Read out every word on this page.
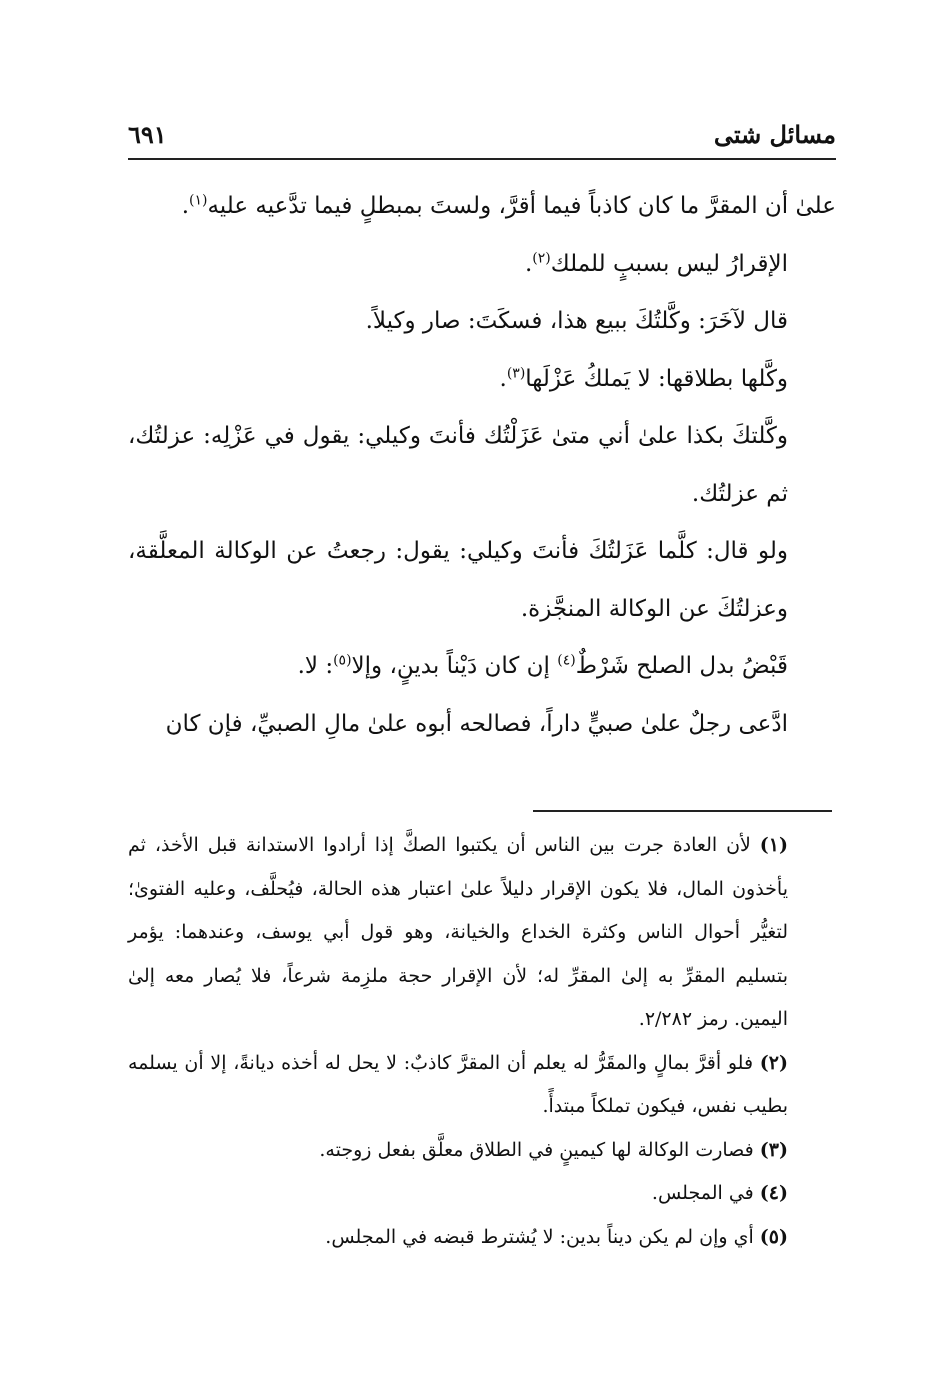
مسائل شتى
٦٩١

علىٰ أن المقرَّ ما كان كاذباً فيما أقرَّ، ولستَ بمبطلٍ فيما تدَّعيه عليه$^{(١)}$.

الإقرارُ ليس بسببٍ للملك$^{(٢)}$.

قال لآخَرَ: وكَّلتُكَ ببيع هذا، فسكَتَ: صار وكيلاً.

وكَّلها بطلاقها: لا يَملكُ عَزْلَها$^{(٣)}$.

وكَّلتكَ بكذا علىٰ أني متىٰ عَزَلْتُك فأنتَ وكيلي: يقول في عَزْلِه: عزلتُك، ثم عزلتُك.

ولو قال: كلَّما عَزَلتُكَ فأنتَ وكيلي: يقول: رجعتُ عن الوكالة المعلَّقة، وعزلتُكَ عن الوكالة المنجَّزة.

قَبْضُ بدل الصلح شَرْطٌ$^{(٤)}$ إن كان دَيْناً بدينٍ، وإلا$^{(٥)}$: لا.

ادَّعى رجلٌ علىٰ صبيٍّ داراً، فصالحه أبوه علىٰ مالِ الصبيِّ، فإن كان

(١) لأن العادة جرت بين الناس أن يكتبوا الصكَّ إذا أرادوا الاستدانة قبل الأخذ، ثم يأخذون المال، فلا يكون الإقرار دليلاً علىٰ اعتبار هذه الحالة، فيُحلَّف، وعليه الفتوىٰ؛ لتغيُّر أحوال الناس وكثرة الخداع والخيانة، وهو قول أبي يوسف، وعندهما: يؤمر بتسليم المقرِّ به إلىٰ المقرِّ له؛ لأن الإقرار حجة ملزِمة شرعاً، فلا يُصار معه إلىٰ اليمين. رمز ٢/٢٨٢.

(٢) فلو أقرَّ بمالٍ والمقَرُّ له يعلم أن المقرَّ كاذبٌ: لا يحل له أخذه ديانةً، إلا أن يسلمه بطيب نفس، فيكون تملكاً مبتدأً.

(٣) فصارت الوكالة لها كيمينٍ في الطلاق معلَّق بفعل زوجته.

(٤) في المجلس.

(٥) أي وإن لم يكن ديناً بدين: لا يُشترط قبضه في المجلس.
